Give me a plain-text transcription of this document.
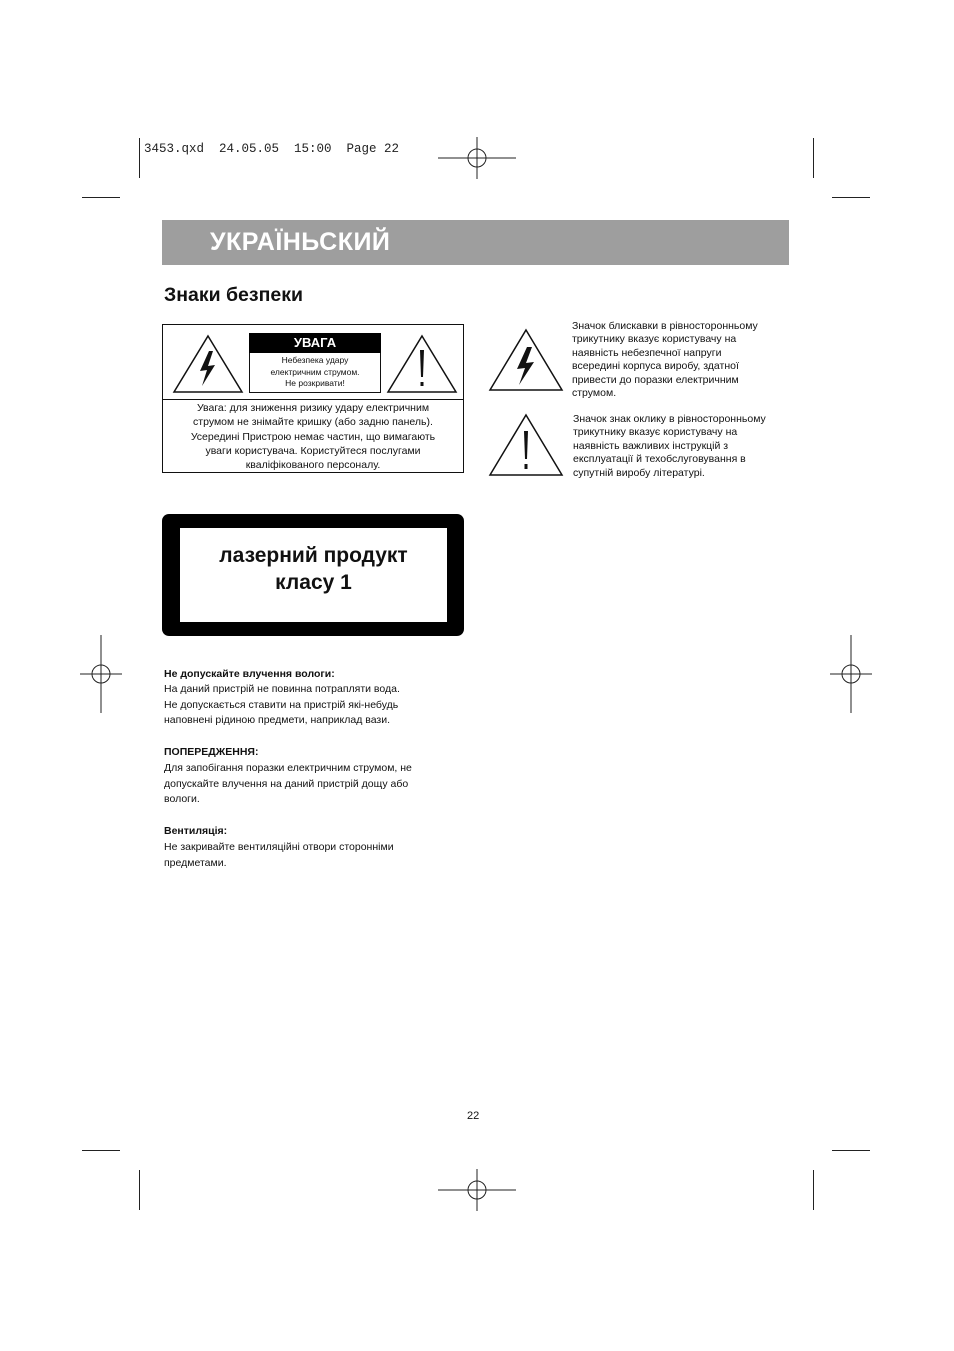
3453.qxd  24.05.05  15:00  Page 22
УКРАЇНЬСКИЙ
Знаки безпеки
УВАГА
Небезпека удару
електричним струмом.
Не розкривати!
Увага: для зниження ризику удару електричним
струмом не знімайте кришку (або задню панель).
Усередині Пристрою немає частин, що вимагають
уваги користувача. Користуйтеся послугами
кваліфікованого персоналу.
Значок блискавки в рівносторонньому
трикутнику вказує користувачу на
наявність небезпечної напруги
всередині корпуса виробу, здатної
привести до поразки електричним
струмом.
Значок знак оклику в рівносторонньому
трикутнику вказує користувачу на
наявність важливих інструкцій з
експлуатації й техобслуговування в
супутній виробу літературі.
лазерний продукт
класу 1
Не допускайте влучення вологи:
На даний пристрій не повинна потрапляти вода.
Не допускається ставити на пристрій які-небудь
наповнені рідиною предмети, наприклад вази.
ПОПЕРЕДЖЕННЯ:
Для запобігання поразки електричним струмом, не
допускайте влучення на даний пристрій дощу або
вологи.
Вентиляція:
Не закривайте вентиляційні отвори сторонніми
предметами.
22
